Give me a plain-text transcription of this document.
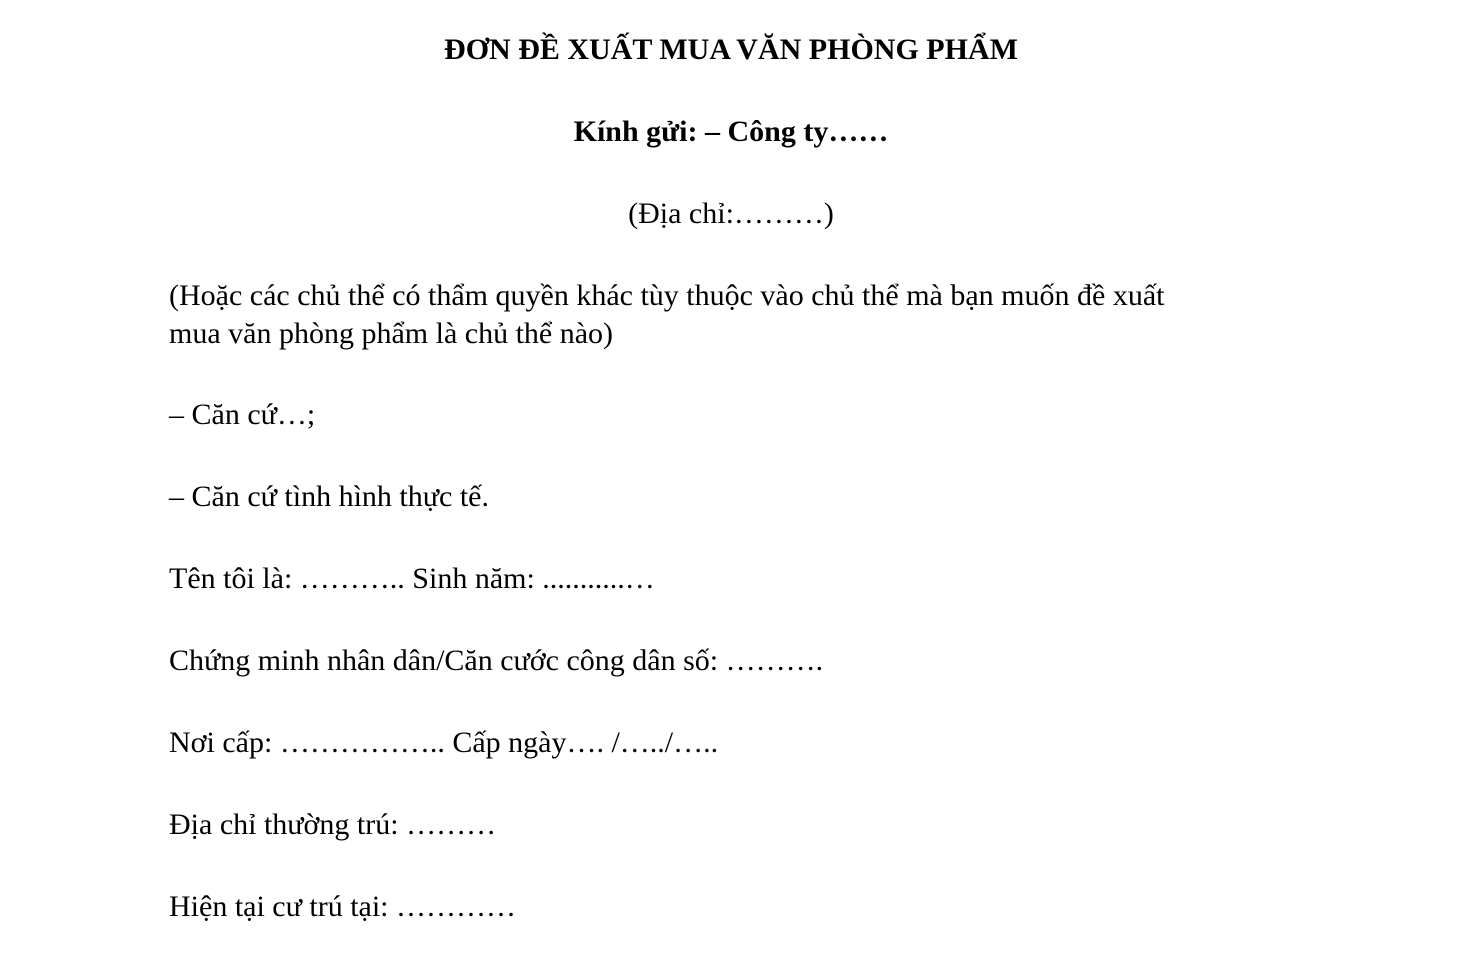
ĐƠN ĐỀ XUẤT MUA VĂN PHÒNG PHẨM
Kính gửi: – Công ty……
(Địa chỉ:………)
(Hoặc các chủ thể có thẩm quyền khác tùy thuộc vào chủ thể mà bạn muốn đề xuất
mua văn phòng phẩm là chủ thể nào)
– Căn cứ…;
– Căn cứ tình hình thực tế.
Tên tôi là: ……….. Sinh năm: ...........…
Chứng minh nhân dân/Căn cước công dân số: ……….
Nơi cấp: …………….. Cấp ngày…. /…../…..
Địa chỉ thường trú: ………
Hiện tại cư trú tại: …………
